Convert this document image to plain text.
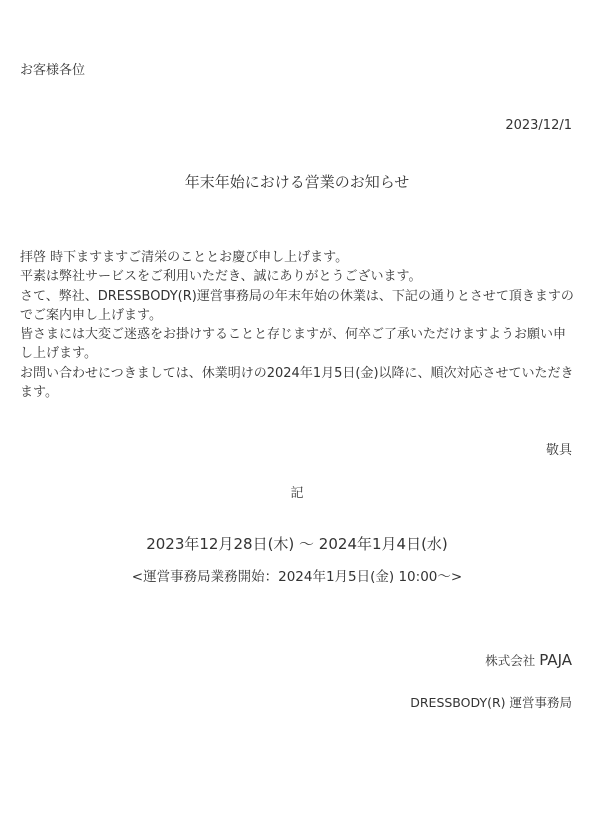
お客様各位
2023/12/1
年末年始における営業のお知らせ

拝啓 時下ますますご清栄のこととお慶び申し上げます。

平素は弊社サービスをご利用いただき、誠にありがとうございます。

さて、弊社、DRESSBODY(R)運営事務局の年末年始の休業は、下記の通りとさせて頂きますのでご案内申し上げます。

皆さまには大変ご迷惑をお掛けすることと存じますが、何卒ご了承いただけますようお願い申し上げます。

お問い合わせにつきましては、休業明けの2024年1月5日(金)以降に、順次対応させていただきます。

敬具
記
2023年12月28日(木) 〜 2024年1月4日(水)
<運営事務局業務開始：2024年1月5日(金) 10:00〜>
株式会社 PAJA
DRESSBODY(R) 運営事務局
